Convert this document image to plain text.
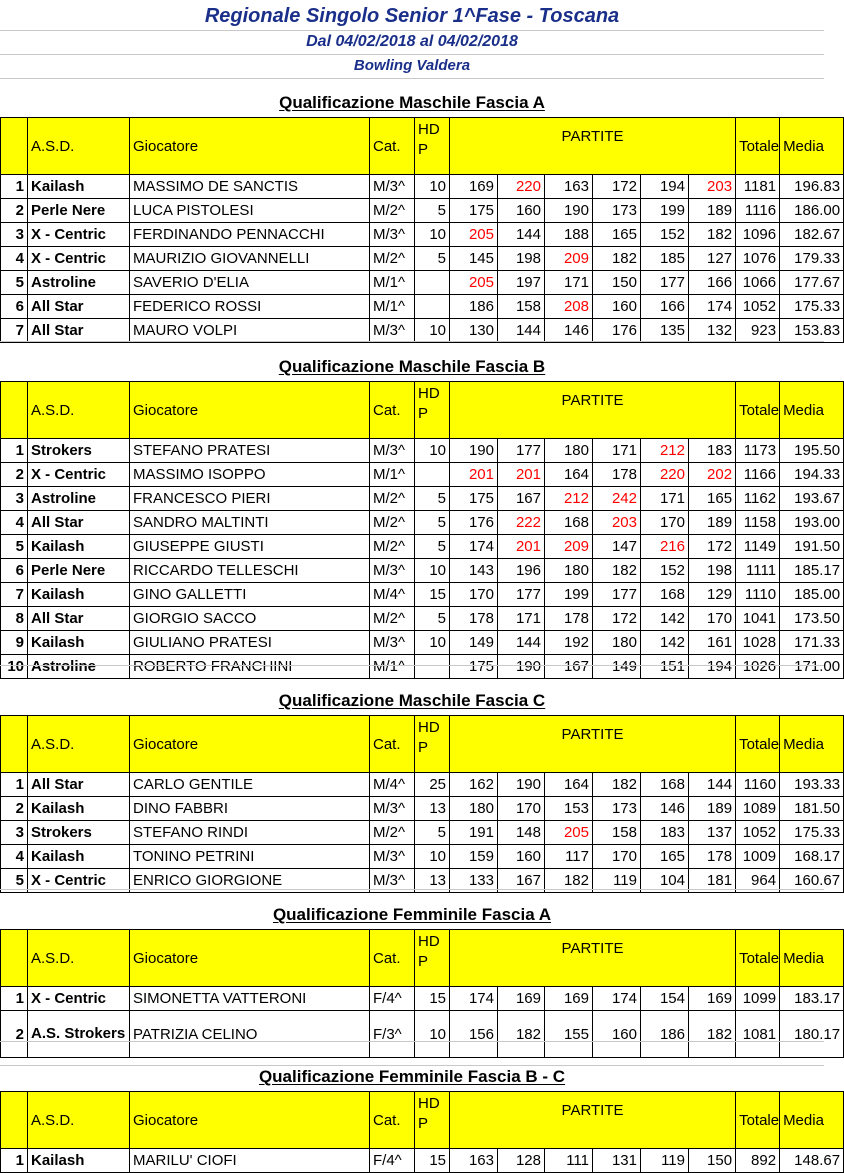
Regionale Singolo Senior 1^Fase - Toscana
Dal 04/02/2018 al 04/02/2018
Bowling Valdera
Qualificazione Maschile Fascia A
	A.S.D.	Giocatore	Cat.	HD P	PARTITE						Totale	Media
1	Kailash	MASSIMO DE SANCTIS	M/3^	10	169	220	163	172	194	203	1181	196.83
2	Perle Nere	LUCA PISTOLESI	M/2^	5	175	160	190	173	199	189	1116	186.00
3	X - Centric	FERDINANDO PENNACCHI	M/3^	10	205	144	188	165	152	182	1096	182.67
4	X - Centric	MAURIZIO GIOVANNELLI	M/2^	5	145	198	209	182	185	127	1076	179.33
5	Astroline	SAVERIO D'ELIA	M/1^		205	197	171	150	177	166	1066	177.67
6	All Star	FEDERICO ROSSI	M/1^		186	158	208	160	166	174	1052	175.33
7	All Star	MAURO VOLPI	M/3^	10	130	144	146	176	135	132	923	153.83
Qualificazione Maschile Fascia B
	A.S.D.	Giocatore	Cat.	HD P	PARTITE						Totale	Media
1	Strokers	STEFANO PRATESI	M/3^	10	190	177	180	171	212	183	1173	195.50
2	X - Centric	MASSIMO ISOPPO	M/1^		201	201	164	178	220	202	1166	194.33
3	Astroline	FRANCESCO PIERI	M/2^	5	175	167	212	242	171	165	1162	193.67
4	All Star	SANDRO MALTINTI	M/2^	5	176	222	168	203	170	189	1158	193.00
5	Kailash	GIUSEPPE GIUSTI	M/2^	5	174	201	209	147	216	172	1149	191.50
6	Perle Nere	RICCARDO TELLESCHI	M/3^	10	143	196	180	182	152	198	1111	185.17
7	Kailash	GINO GALLETTI	M/4^	15	170	177	199	177	168	129	1110	185.00
8	All Star	GIORGIO SACCO	M/2^	5	178	171	178	172	142	170	1041	173.50
9	Kailash	GIULIANO PRATESI	M/3^	10	149	144	192	180	142	161	1028	171.33
10	Astroline	ROBERTO FRANCHINI	M/1^		175	190	167	149	151	194	1026	171.00
Qualificazione Maschile Fascia C
	A.S.D.	Giocatore	Cat.	HD P	PARTITE						Totale	Media
1	All Star	CARLO GENTILE	M/4^	25	162	190	164	182	168	144	1160	193.33
2	Kailash	DINO FABBRI	M/3^	13	180	170	153	173	146	189	1089	181.50
3	Strokers	STEFANO RINDI	M/2^	5	191	148	205	158	183	137	1052	175.33
4	Kailash	TONINO PETRINI	M/3^	10	159	160	117	170	165	178	1009	168.17
5	X - Centric	ENRICO GIORGIONE	M/3^	13	133	167	182	119	104	181	964	160.67
Qualificazione Femminile Fascia A
	A.S.D.	Giocatore	Cat.	HD P	PARTITE						Totale	Media
1	X - Centric	SIMONETTA VATTERONI	F/4^	15	174	169	169	174	154	169	1099	183.17
2	A.S. Strokers	PATRIZIA CELINO	F/3^	10	156	182	155	160	186	182	1081	180.17
Qualificazione Femminile Fascia B - C
	A.S.D.	Giocatore	Cat.	HD P	PARTITE						Totale	Media
1	Kailash	MARILU' CIOFI	F/4^	15	163	128	111	131	119	150	892	148.67
